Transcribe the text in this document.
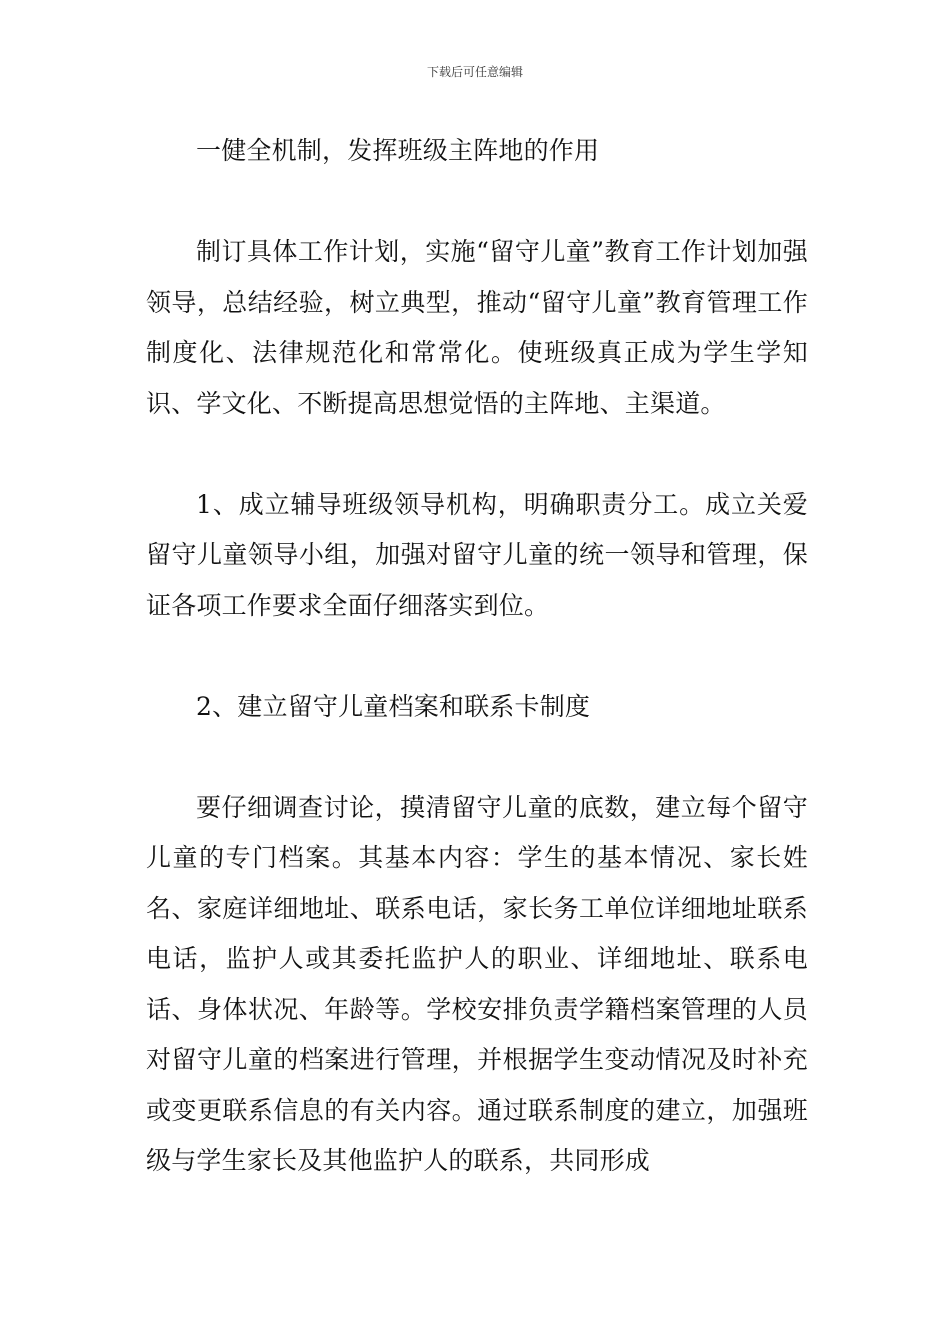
下载后可任意编辑

一健全机制，发挥班级主阵地的作用

制订具体工作计划，实施“留守儿童”教育工作计划加强领导，总结经验，树立典型，推动“留守儿童”教育管理工作制度化、法律规范化和常常化。使班级真正成为学生学知识、学文化、不断提高思想觉悟的主阵地、主渠道。

1、成立辅导班级领导机构，明确职责分工。成立关爱留守儿童领导小组，加强对留守儿童的统一领导和管理，保证各项工作要求全面仔细落实到位。

2、建立留守儿童档案和联系卡制度

要仔细调查讨论，摸清留守儿童的底数，建立每个留守儿童的专门档案。其基本内容：学生的基本情况、家长姓名、家庭详细地址、联系电话，家长务工单位详细地址联系电话，监护人或其委托监护人的职业、详细地址、联系电话、身体状况、年龄等。学校安排负责学籍档案管理的人员对留守儿童的档案进行管理，并根据学生变动情况及时补充或变更联系信息的有关内容。通过联系制度的建立，加强班级与学生家长及其他监护人的联系，共同形成
